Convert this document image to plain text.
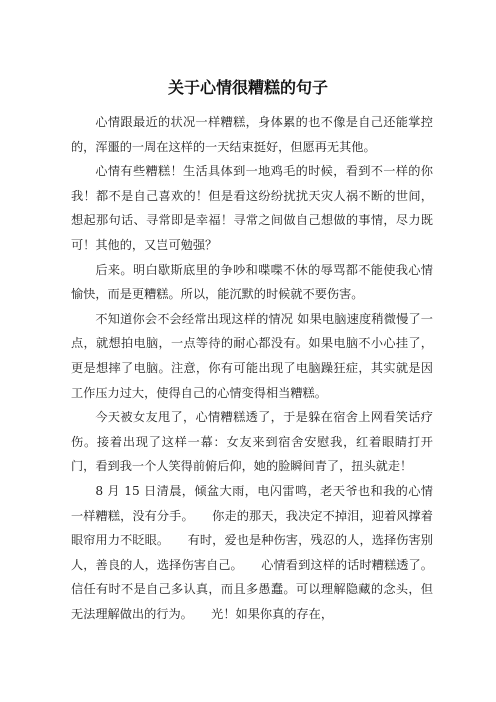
关于心情很糟糕的句子

心情跟最近的状况一样糟糕，身体累的也不像是自己还能掌控的，浑噩的一周在这样的一天结束挺好，但愿再无其他。

心情有些糟糕！生活具体到一地鸡毛的时候，看到不一样的你我！都不是自己喜欢的！但是看这纷纷扰扰天灾人祸不断的世间，想起那句话、寻常即是幸福！寻常之间做自己想做的事情，尽力既可！其他的，又岂可勉强？

后来。明白歇斯底里的争吵和喋喋不休的辱骂都不能使我心情愉快，而是更糟糕。所以，能沉默的时候就不要伤害。

不知道你会不会经常出现这样的情况 如果电脑速度稍微慢了一点，就想拍电脑，一点等待的耐心都没有。如果电脑不小心挂了，更是想摔了电脑。注意，你有可能出现了电脑躁狂症，其实就是因工作压力过大，使得自己的心情变得相当糟糕。

今天被女友甩了，心情糟糕透了，于是躲在宿舍上网看笑话疗伤。接着出现了这样一幕：女友来到宿舍安慰我，红着眼睛打开门，看到我一个人笑得前俯后仰，她的脸瞬间青了，扭头就走！

8 月 15 日清晨，倾盆大雨，电闪雷鸣，老天爷也和我的心情一样糟糕，没有分手。　　你走的那天，我决定不掉泪，迎着风撑着眼帘用力不眨眼。　　有时，爱也是种伤害，残忍的人，选择伤害别人，善良的人，选择伤害自己。　　心情看到这样的话时糟糕透了。信任有时不是自己多认真，而且多愚蠢。可以理解隐藏的念头，但无法理解做出的行为。　　光！如果你真的存在，
